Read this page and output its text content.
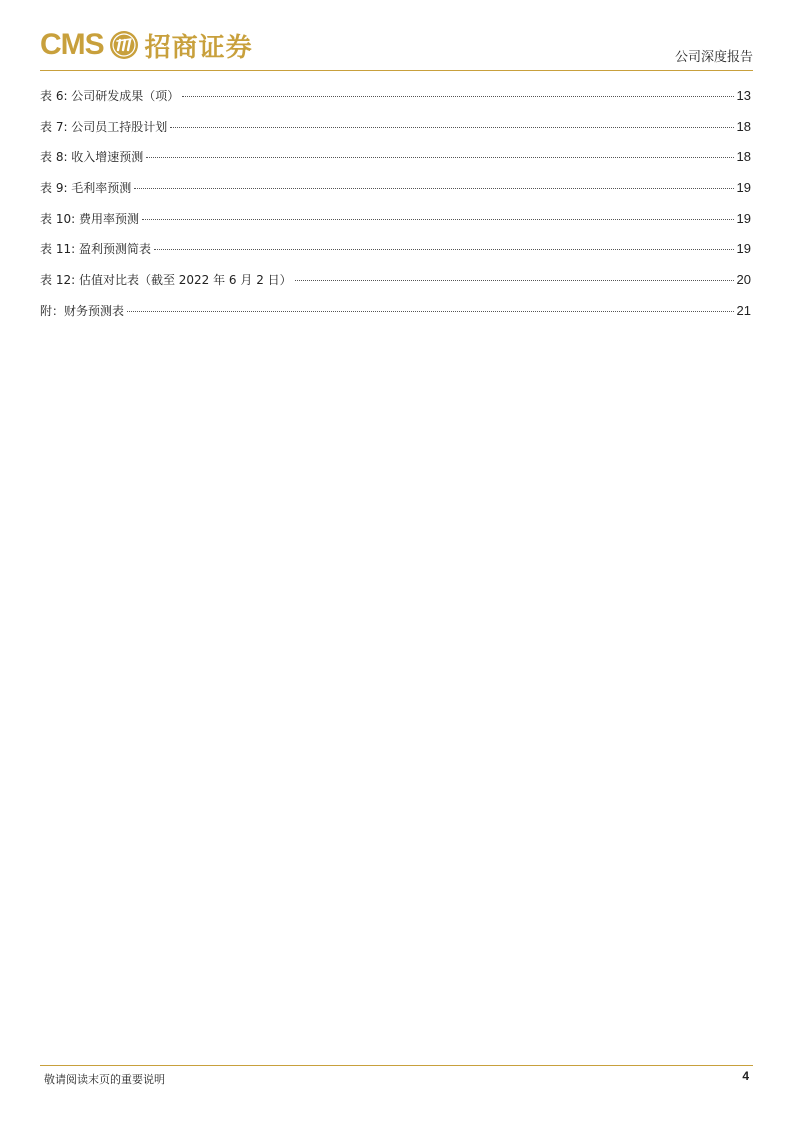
CMS 招商证券	公司深度报告
表 6: 公司研发成果（项）	13
表 7: 公司员工持股计划	18
表 8: 收入增速预测	18
表 9: 毛利率预测	19
表 10: 费用率预测	19
表 11: 盈利预测简表	19
表 12: 估值对比表（截至 2022 年 6 月 2 日）	20
附：财务预测表	21
敬请阅读末页的重要说明	4
